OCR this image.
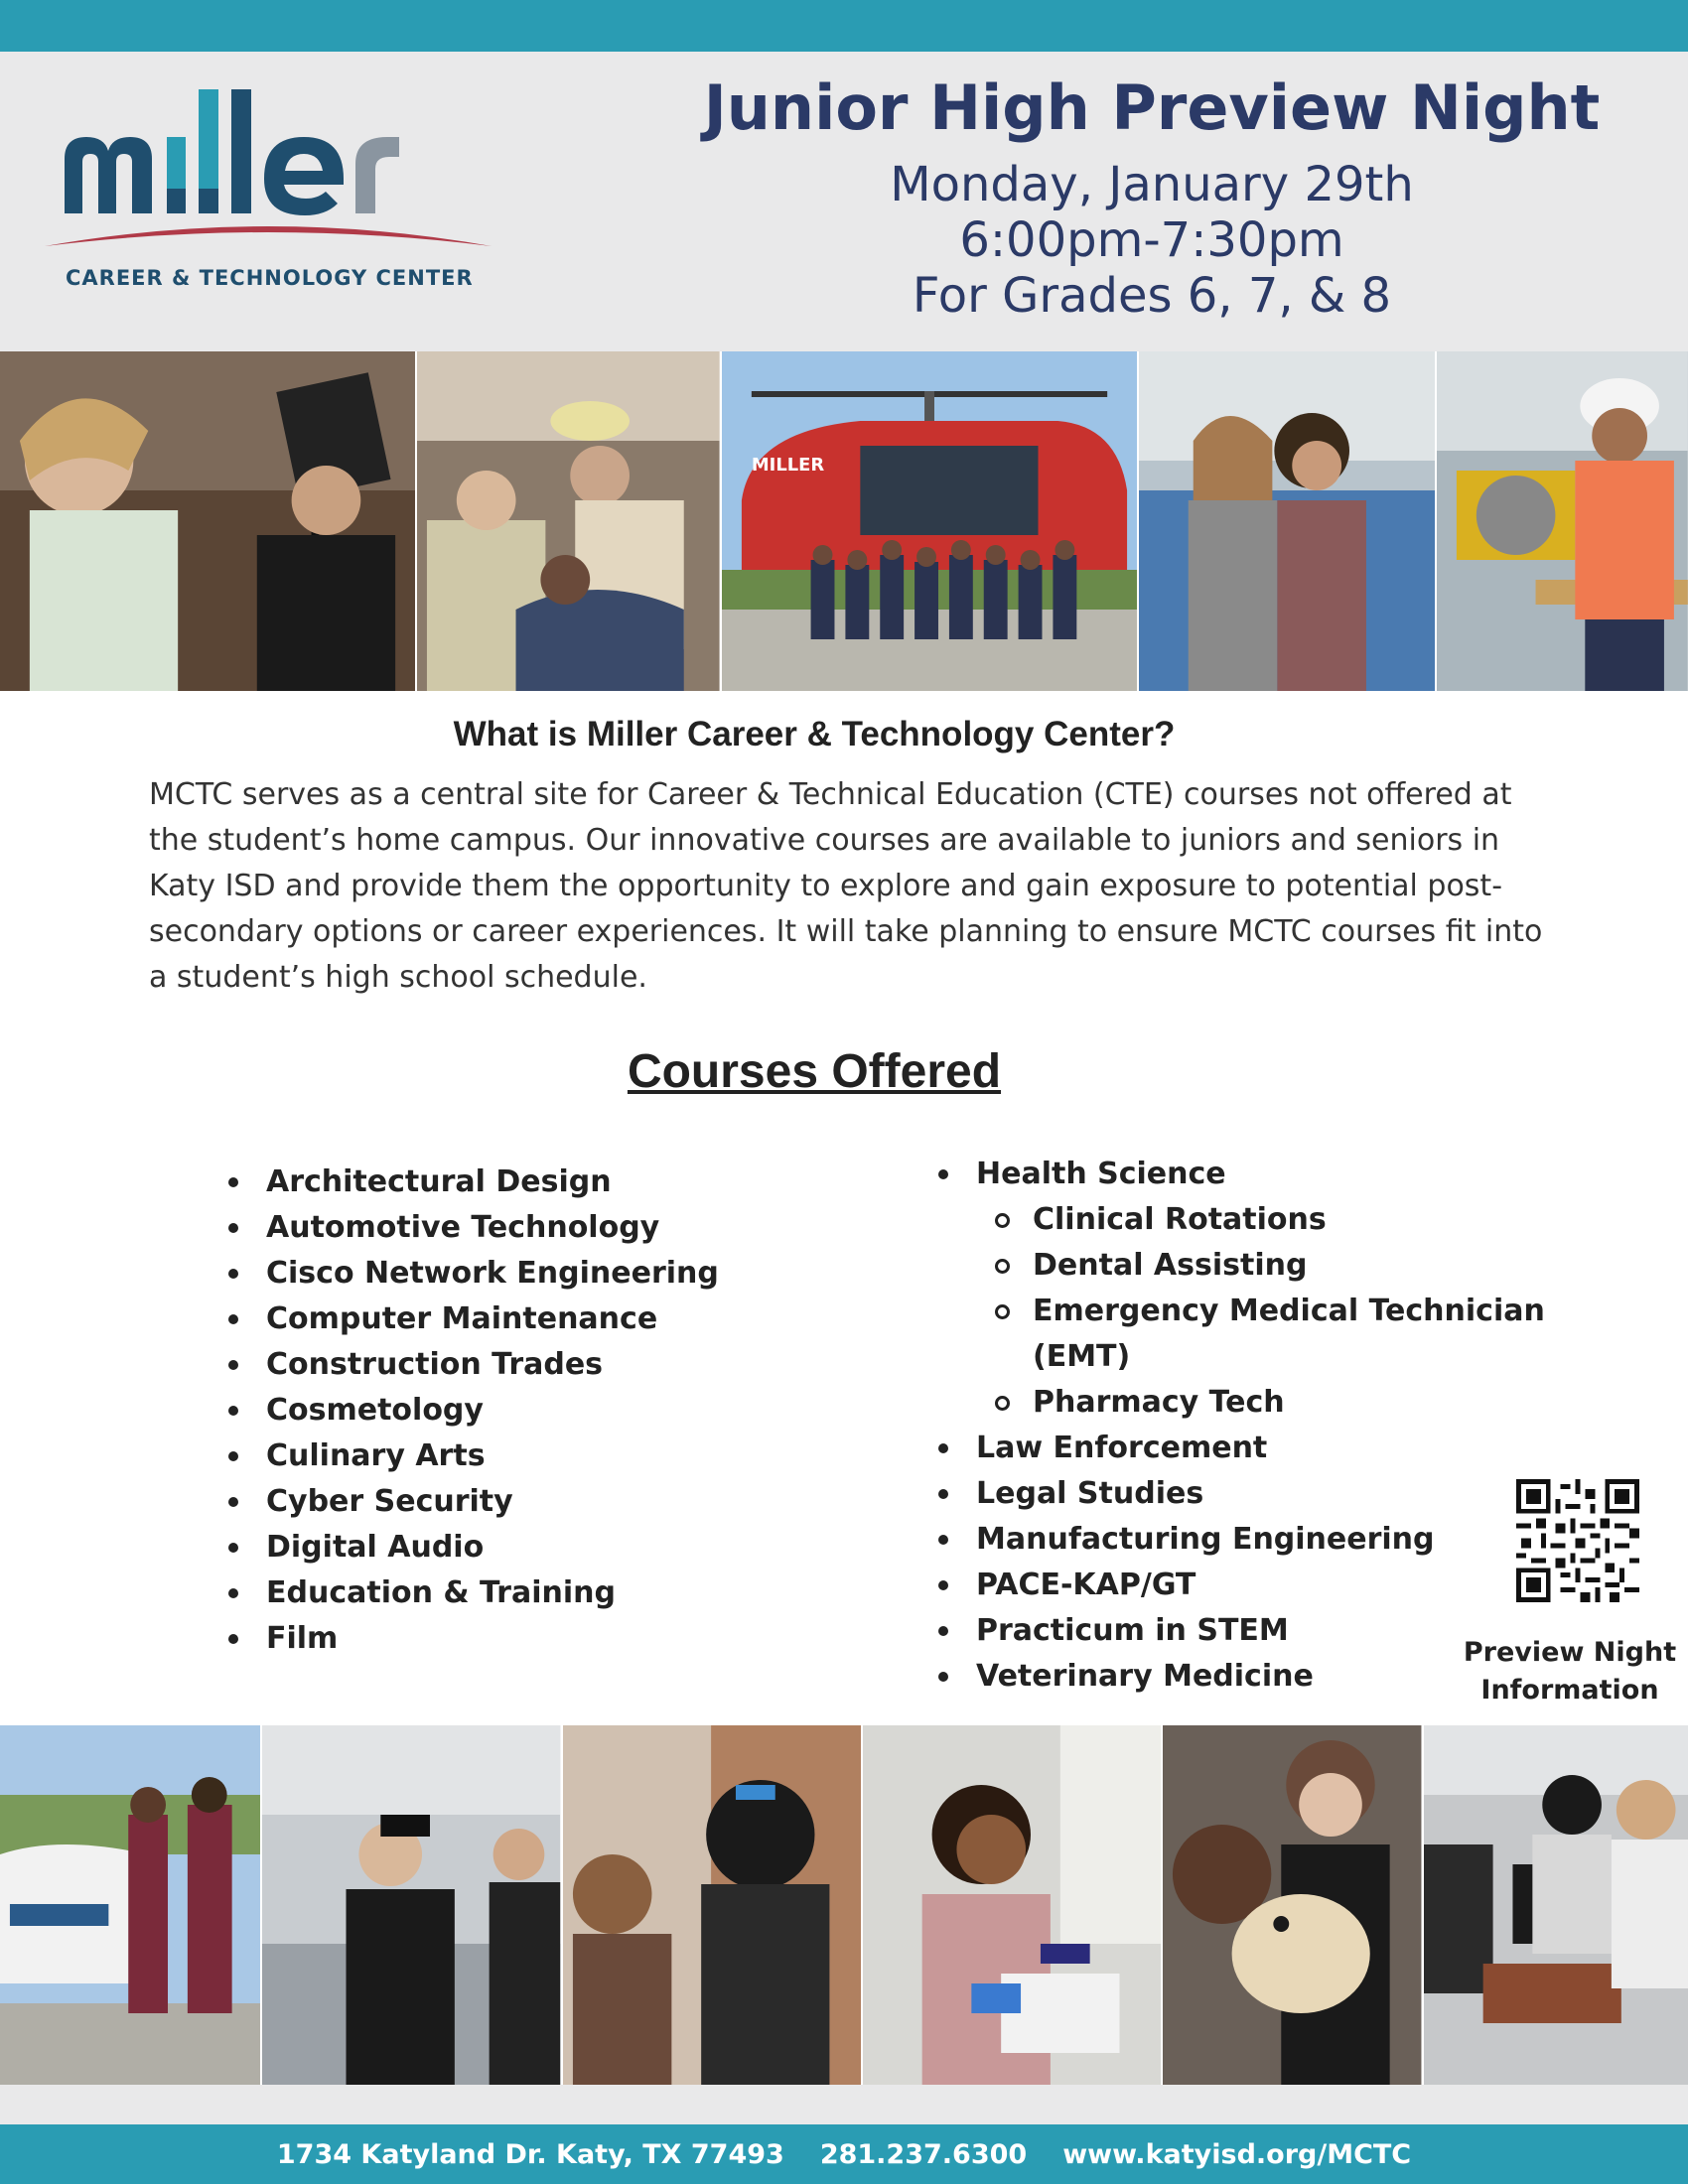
CAREER & TECHNOLOGY CENTER
Junior High Preview Night
Monday, January 29th
6:00pm-7:30pm
For Grades 6, 7, & 8
MILLER
What is Miller Career & Technology Center?
MCTC serves as a central site for Career & Technical Education (CTE) courses not offered at the student’s home campus. Our innovative courses are available to juniors and seniors in Katy ISD and provide them the opportunity to explore and gain exposure to potential post-secondary options or career experiences. It will take planning to ensure MCTC courses fit into a student’s high school schedule.
Courses Offered
Architectural Design
Automotive Technology
Cisco Network Engineering
Computer Maintenance
Construction Trades
Cosmetology
Culinary Arts
Cyber Security
Digital Audio
Education & Training
Film
Health Science
Clinical Rotations
Dental Assisting
Emergency Medical Technician
(EMT)
Pharmacy Tech
Law Enforcement
Legal Studies
Manufacturing Engineering
PACE-KAP/GT
Practicum in STEM
Veterinary Medicine
Preview Night
Information
1734 Katyland Dr. Katy, TX 77493 281.237.6300 www.katyisd.org/MCTC
